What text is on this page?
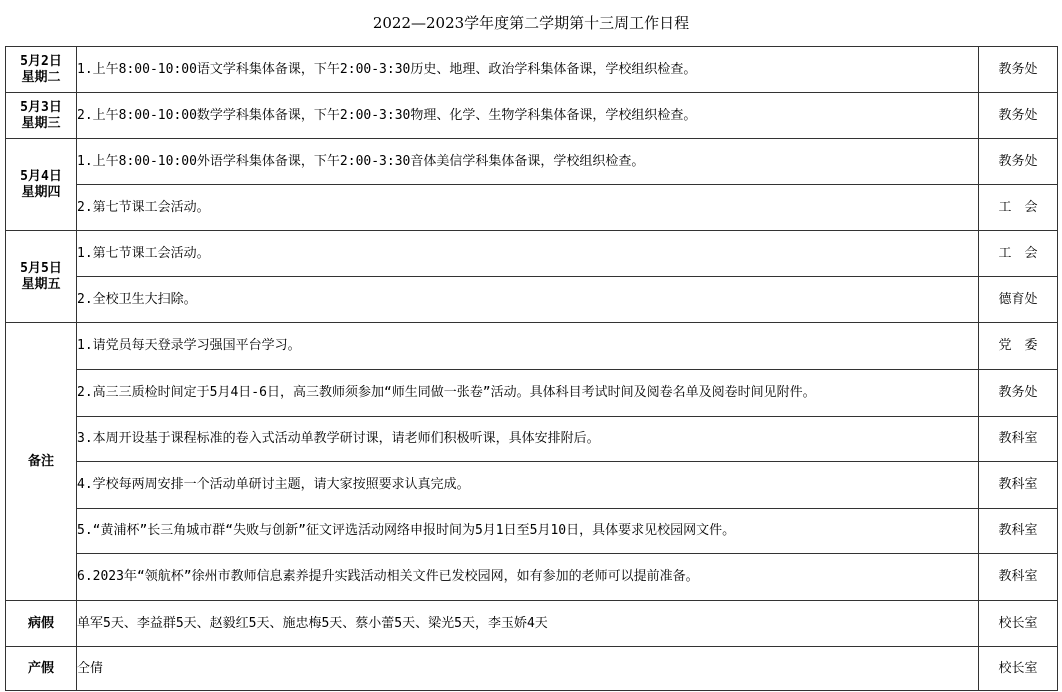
2022—2023学年度第二学期第十三周工作日程
5月2日
星期二	1.上午8:00-10:00语文学科集体备课，下午2:00-3:30历史、地理、政治学科集体备课，学校组织检查。	教务处

5月3日
星期三	2.上午8:00-10:00数学学科集体备课，下午2:00-3:30物理、化学、生物学科集体备课，学校组织检查。	教务处

5月4日
星期四	1.上午8:00-10:00外语学科集体备课，下午2:00-3:30音体美信学科集体备课，学校组织检查。	教务处
	2.第七节课工会活动。	工　会

5月5日
星期五	1.第七节课工会活动。	工　会
	2.全校卫生大扫除。	德育处
备注	1.请党员每天登录学习强国平台学习。	党　委
	2.高三三质检时间定于5月4日-6日，高三教师须参加“师生同做一张卷”活动。具体科目考试时间及阅卷名单及阅卷时间见附件。	教务处
	3.本周开设基于课程标准的卷入式活动单教学研讨课，请老师们积极听课，具体安排附后。	教科室
	4.学校每两周安排一个活动单研讨主题，请大家按照要求认真完成。	教科室
	5.“黄浦杯”长三角城市群“失败与创新”征文评选活动网络申报时间为5月1日至5月10日，具体要求见校园网文件。	教科室
	6.2023年“领航杯”徐州市教师信息素养提升实践活动相关文件已发校园网，如有参加的老师可以提前准备。	教科室
病假	单军5天、李益群5天、赵毅红5天、施忠梅5天、蔡小蕾5天、梁光5天，李玉娇4天	校长室
产假	仝倩	校长室
